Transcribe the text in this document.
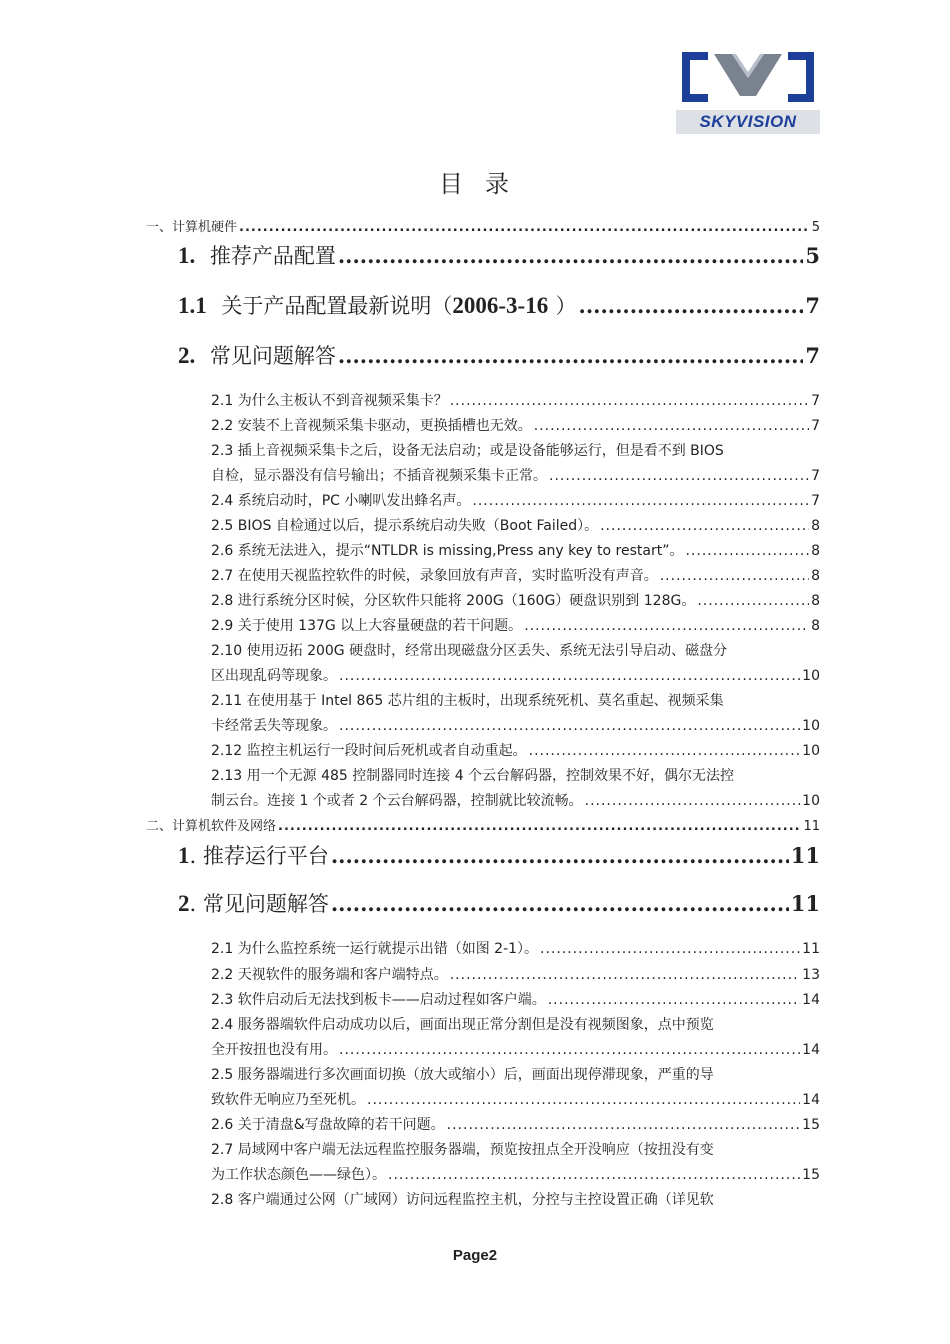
SKYVISION
目录
一、计算机硬件 .....	5
1. 推荐产品配置 .....	5
1.1 关于产品配置最新说明（2006-3-16 ） .....	7
2. 常见问题解答 .....	7
2.1 为什么主板认不到音视频采集卡？ .....	7
2.2 安装不上音视频采集卡驱动，更换插槽也无效。 .....	7
2.3 插上音视频采集卡之后，设备无法启动；或是设备能够运行，但是看不到 BIOS
自检，显示器没有信号输出；不插音视频采集卡正常。 .....	7
2.4 系统启动时，PC 小喇叭发出蜂名声。 .....	7
2.5 BIOS 自检通过以后，提示系统启动失败（Boot Failed）。 .....	8
2.6 系统无法进入，提示“NTLDR is missing,Press any key to restart”。 .....	8
2.7 在使用天视监控软件的时候，录象回放有声音，实时监听没有声音。 .....	8
2.8 进行系统分区时候，分区软件只能将 200G（160G）硬盘识别到 128G。 .....	8
2.9 关于使用 137G 以上大容量硬盘的若干问题。 .....	8
2.10 使用迈拓 200G 硬盘时，经常出现磁盘分区丢失、系统无法引导启动、磁盘分
区出现乱码等现象。 .....	10
2.11 在使用基于 Intel 865 芯片组的主板时，出现系统死机、莫名重起、视频采集
卡经常丢失等现象。 .....	10
2.12 监控主机运行一段时间后死机或者自动重起。 .....	10
2.13 用一个无源 485 控制器同时连接 4 个云台解码器，控制效果不好，偶尔无法控
制云台。连接 1 个或者 2 个云台解码器，控制就比较流畅。 .....	10
二、计算机软件及网络 .....	11
1. 推荐运行平台 .....	11
2. 常见问题解答 .....	11
2.1 为什么监控系统一运行就提示出错（如图 2-1）。 .....	11
2.2 天视软件的服务端和客户端特点。 .....	13
2.3 软件启动后无法找到板卡——启动过程如客户端。 .....	14
2.4 服务器端软件启动成功以后，画面出现正常分割但是没有视频图象，点中预览
全开按扭也没有用。 .....	14
2.5 服务器端进行多次画面切换（放大或缩小）后，画面出现停滞现象，严重的导
致软件无响应乃至死机。 .....	14
2.6 关于清盘&写盘故障的若干问题。 .....	15
2.7 局域网中客户端无法远程监控服务器端，预览按扭点全开没响应（按扭没有变
为工作状态颜色——绿色）。 .....	15
2.8 客户端通过公网（广域网）访问远程监控主机，分控与主控设置正确（详见软
Page2
